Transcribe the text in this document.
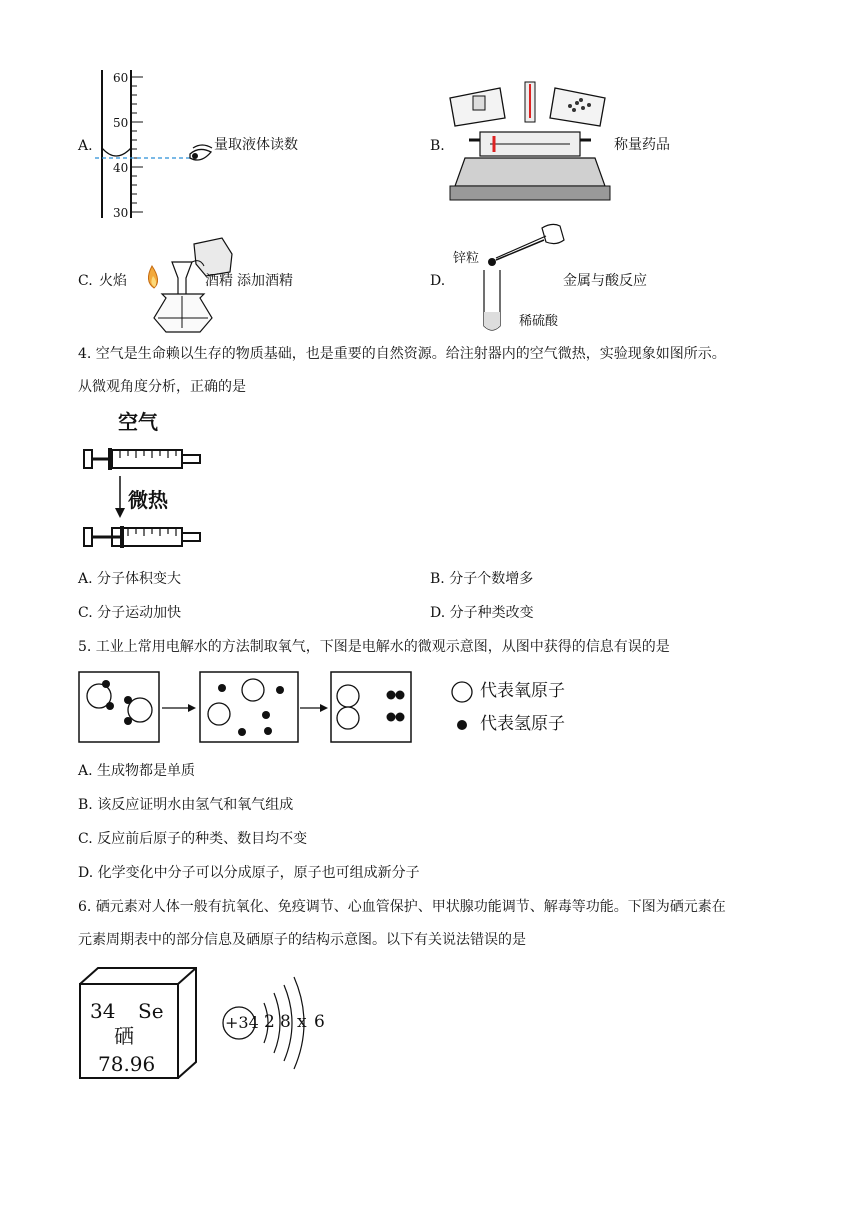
A.
60
50
40
30
量取液体读数	B.	称量药品
C. 火焰	酒精 添加酒精	D.
锌粒
稀硫酸
金属与酸反应
4. 空气是生命赖以生存的物质基础，也是重要的自然资源。给注射器内的空气微热，实验现象如图所示。
从微观角度分析，正确的是
空气
微热
A. 分子体积变大	B. 分子个数增多
C. 分子运动加快	D. 分子种类改变
5. 工业上常用电解水的方法制取氧气，下图是电解水的微观示意图，从图中获得的信息有误的是
代表氧原子
代表氢原子
A. 生成物都是单质
B. 该反应证明水由氢气和氧气组成
C. 反应前后原子的种类、数目均不变
D. 化学变化中分子可以分成原子，原子也可组成新分子
6. 硒元素对人体一般有抗氧化、免疫调节、心血管保护、甲状腺功能调节、解毒等功能。下图为硒元素在
元素周期表中的部分信息及硒原子的结构示意图。以下有关说法错误的是
34 Se
硒
78.96
+34 2 8 x 6
